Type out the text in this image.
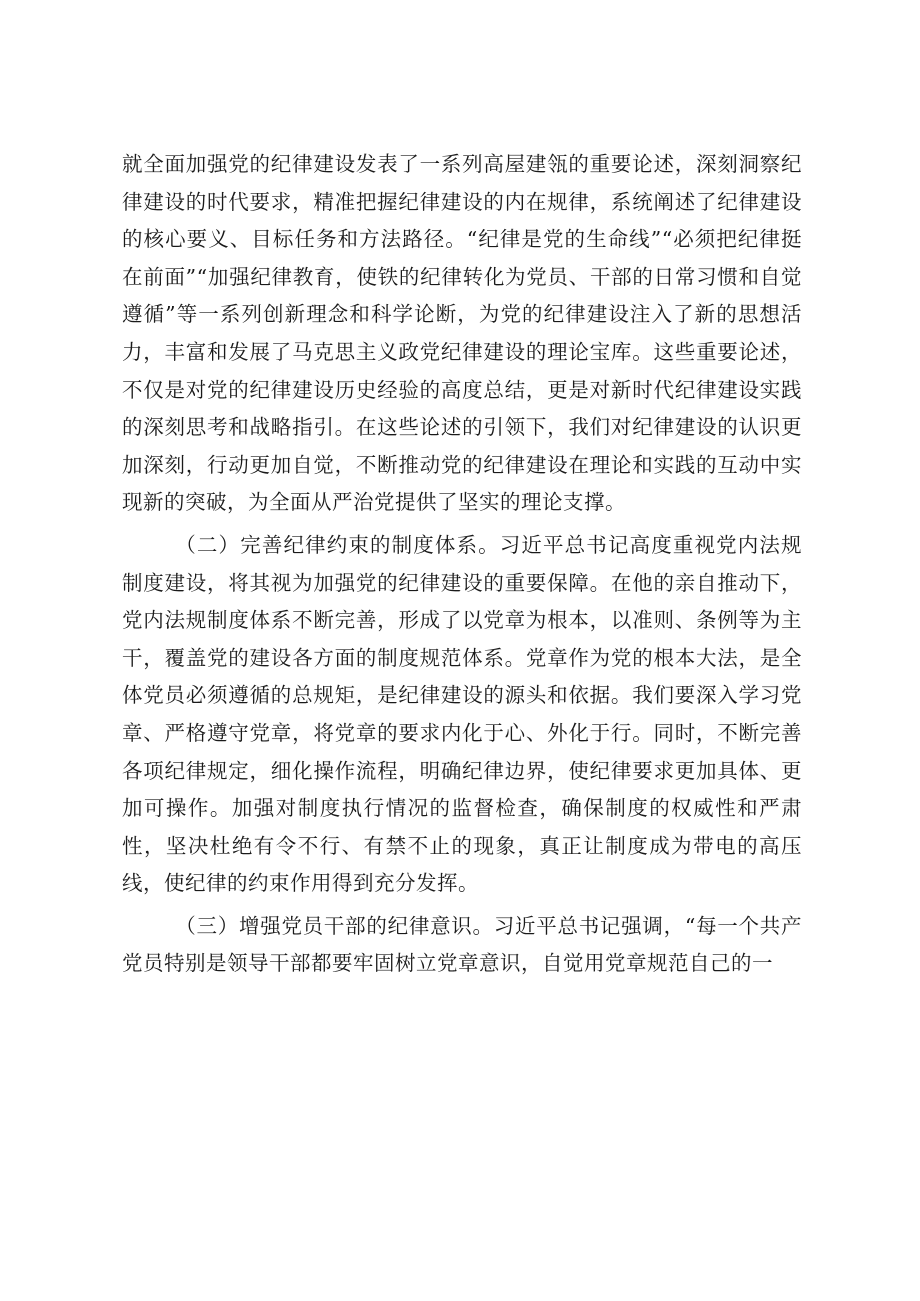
就全面加强党的纪律建设发表了一系列高屋建瓴的重要论述，深刻洞察纪律建设的时代要求，精准把握纪律建设的内在规律，系统阐述了纪律建设的核心要义、目标任务和方法路径。“纪律是党的生命线”“必须把纪律挺在前面”“加强纪律教育，使铁的纪律转化为党员、干部的日常习惯和自觉遵循”等一系列创新理念和科学论断，为党的纪律建设注入了新的思想活力，丰富和发展了马克思主义政党纪律建设的理论宝库。这些重要论述，不仅是对党的纪律建设历史经验的高度总结，更是对新时代纪律建设实践的深刻思考和战略指引。在这些论述的引领下，我们对纪律建设的认识更加深刻，行动更加自觉，不断推动党的纪律建设在理论和实践的互动中实现新的突破，为全面从严治党提供了坚实的理论支撑。

（二）完善纪律约束的制度体系。习近平总书记高度重视党内法规制度建设，将其视为加强党的纪律建设的重要保障。在他的亲自推动下，党内法规制度体系不断完善，形成了以党章为根本，以准则、条例等为主干，覆盖党的建设各方面的制度规范体系。党章作为党的根本大法，是全体党员必须遵循的总规矩，是纪律建设的源头和依据。我们要深入学习党章、严格遵守党章，将党章的要求内化于心、外化于行。同时，不断完善各项纪律规定，细化操作流程，明确纪律边界，使纪律要求更加具体、更加可操作。加强对制度执行情况的监督检查，确保制度的权威性和严肃性，坚决杜绝有令不行、有禁不止的现象，真正让制度成为带电的高压线，使纪律的约束作用得到充分发挥。

（三）增强党员干部的纪律意识。习近平总书记强调，“每一个共产党员特别是领导干部都要牢固树立党章意识，自觉用党章规范自己的一
